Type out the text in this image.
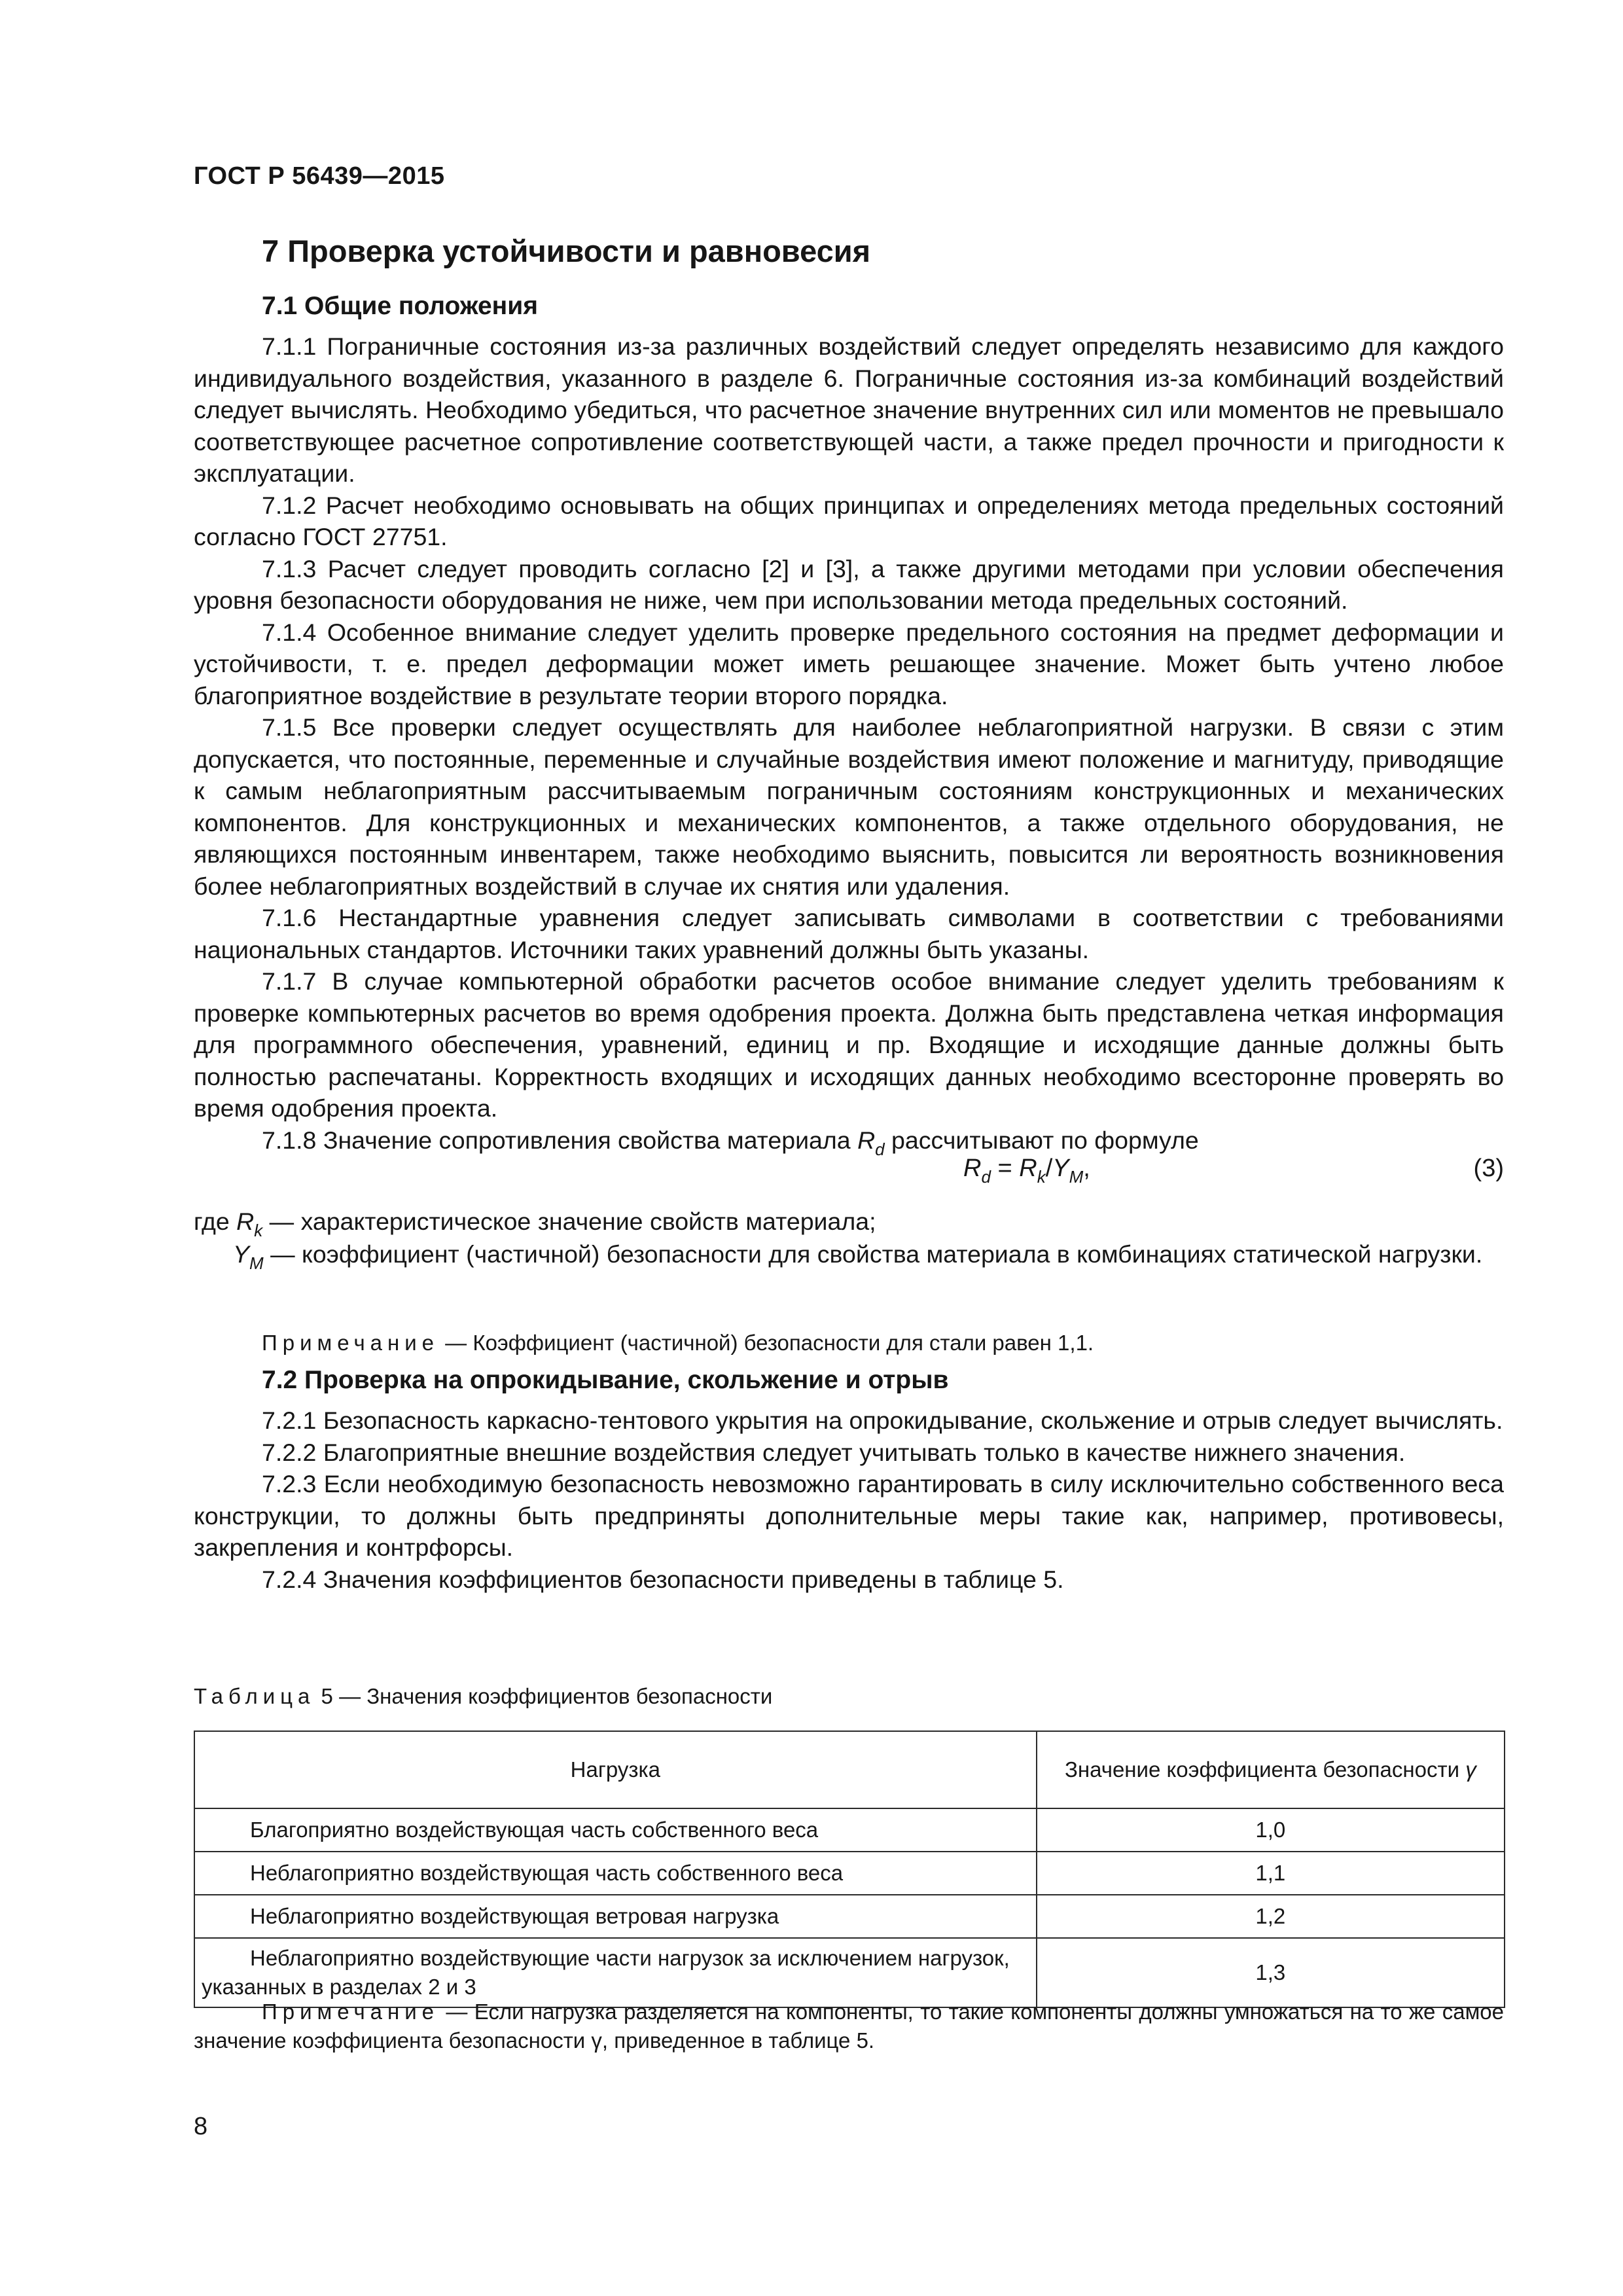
ГОСТ Р 56439—2015
7 Проверка устойчивости и равновесия
7.1 Общие положения

7.1.1 Пограничные состояния из-за различных воздействий следует определять независимо для каждого индивидуального воздействия, указанного в разделе 6. Пограничные состояния из-за комбинаций воздействий следует вычислять. Необходимо убедиться, что расчетное значение внутренних сил или моментов не превышало соответствующее расчетное сопротивление соответствующей части, а также предел прочности и пригодности к эксплуатации.

7.1.2 Расчет необходимо основывать на общих принципах и определениях метода предельных состояний согласно ГОСТ 27751.

7.1.3 Расчет следует проводить согласно [2] и [3], а также другими методами при условии обеспечения уровня безопасности оборудования не ниже, чем при использовании метода предельных состояний.

7.1.4 Особенное внимание следует уделить проверке предельного состояния на предмет деформации и устойчивости, т. е. предел деформации может иметь решающее значение. Может быть учтено любое благоприятное воздействие в результате теории второго порядка.

7.1.5 Все проверки следует осуществлять для наиболее неблагоприятной нагрузки. В связи с этим допускается, что постоянные, переменные и случайные воздействия имеют положение и магнитуду, приводящие к самым неблагоприятным рассчитываемым пограничным состояниям конструкционных и механических компонентов. Для конструкционных и механических компонентов, а также отдельного оборудования, не являющихся постоянным инвентарем, также необходимо выяснить, повысится ли вероятность возникновения более неблагоприятных воздействий в случае их снятия или удаления.

7.1.6 Нестандартные уравнения следует записывать символами в соответствии с требованиями национальных стандартов. Источники таких уравнений должны быть указаны.

7.1.7 В случае компьютерной обработки расчетов особое внимание следует уделить требованиям к проверке компьютерных расчетов во время одобрения проекта. Должна быть представлена четкая информация для программного обеспечения, уравнений, единиц и пр. Входящие и исходящие данные должны быть полностью распечатаны. Корректность входящих и исходящих данных необходимо всесторонне проверять во время одобрения проекта.

7.1.8 Значение сопротивления свойства материала $R_d$ рассчитывают по формуле

$R_d = R_k/Y_M$,	(3)
где $R_k$ — характеристическое значение свойств материала;
$Y_M$ — коэффициент (частичной) безопасности для свойства материала в комбинациях статической нагрузки.
Примечание — Коэффициент (частичной) безопасности для стали равен 1,1.
7.2 Проверка на опрокидывание, скольжение и отрыв

7.2.1 Безопасность каркасно-тентового укрытия на опрокидывание, скольжение и отрыв следует вычислять.

7.2.2 Благоприятные внешние воздействия следует учитывать только в качестве нижнего значения.

7.2.3 Если необходимую безопасность невозможно гарантировать в силу исключительно собственного веса конструкции, то должны быть предприняты дополнительные меры такие как, например, противовесы, закрепления и контрфорсы.

7.2.4 Значения коэффициентов безопасности приведены в таблице 5.

Таблица 5 — Значения коэффициентов безопасности
Нагрузка	Значение коэффициента безопасности γ
Благоприятно воздействующая часть собственного веса	1,0
Неблагоприятно воздействующая часть собственного веса	1,1
Неблагоприятно воздействующая ветровая нагрузка	1,2
Неблагоприятно воздействующие части нагрузок за исключением нагрузок, указанных в разделах 2 и 3	1,3
Примечание — Если нагрузка разделяется на компоненты, то такие компоненты должны умножаться на то же самое значение коэффициента безопасности γ, приведенное в таблице 5.
8
